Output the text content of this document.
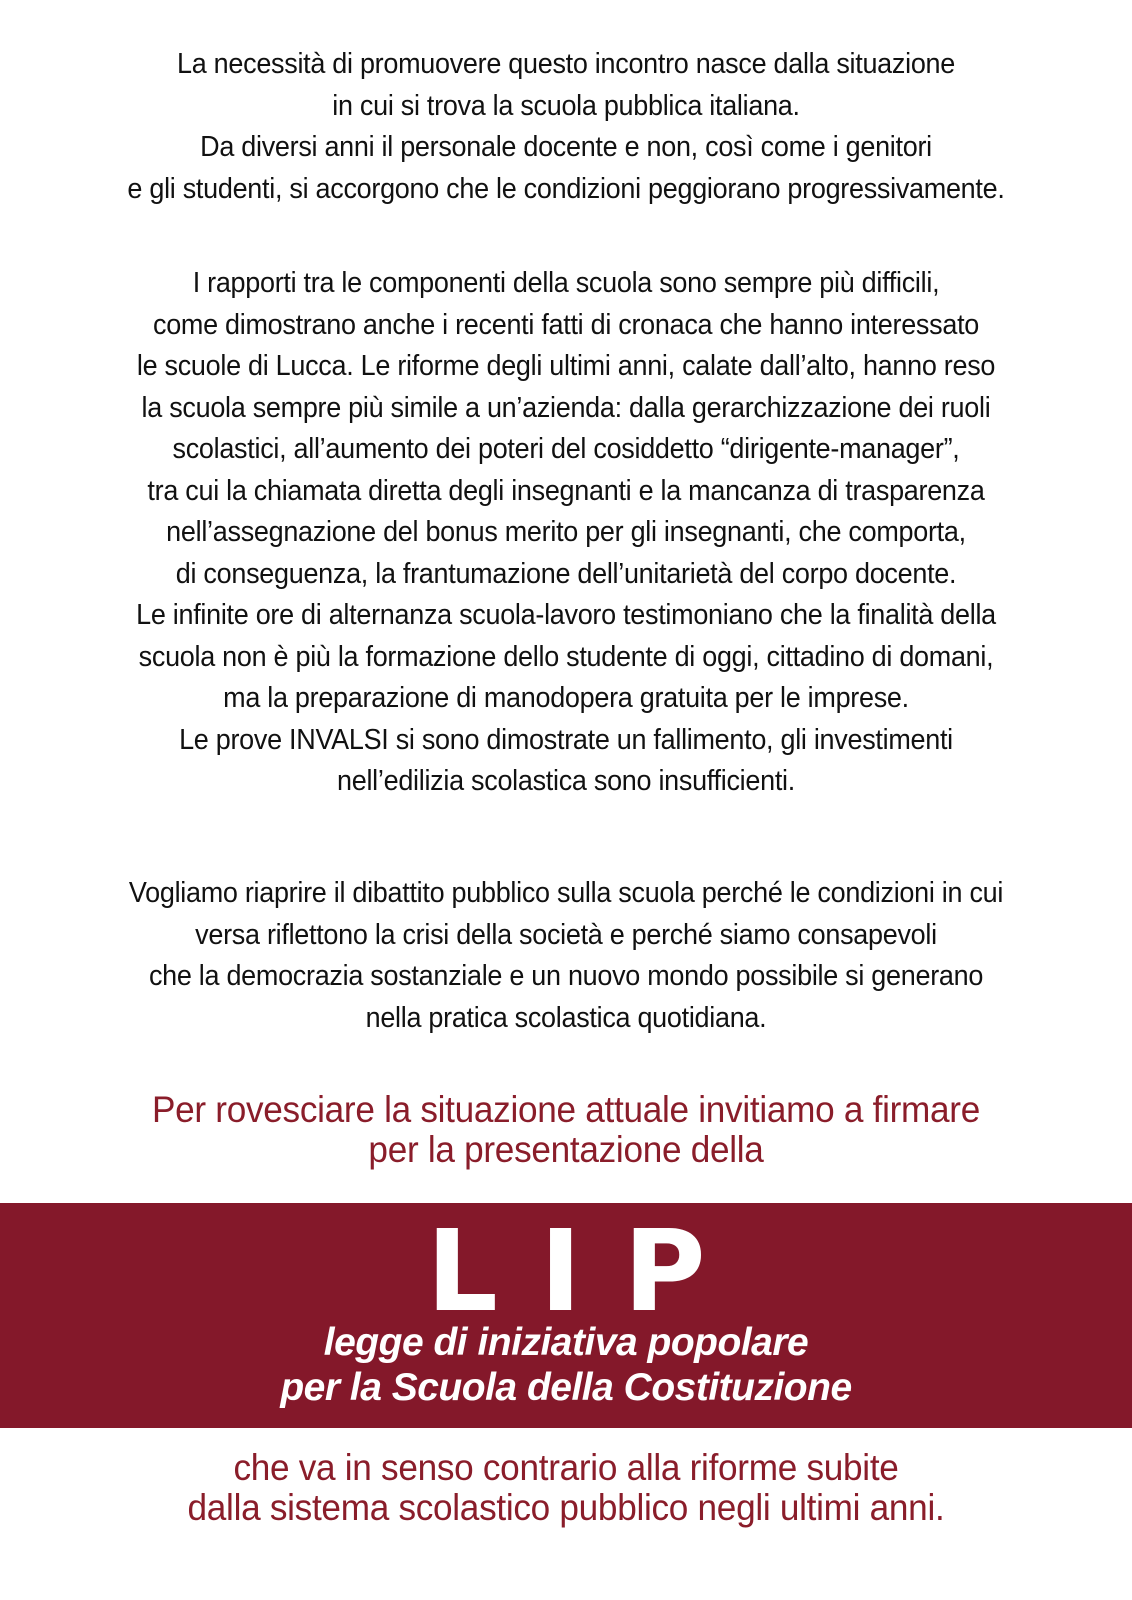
La necessità di promuovere questo incontro nasce dalla situazione
in cui si trova la scuola pubblica italiana.
Da diversi anni il personale docente e non, così come i genitori
e gli studenti, si accorgono che le condizioni peggiorano progressivamente.
I rapporti tra le componenti della scuola sono sempre più difficili,
come dimostrano anche i recenti fatti di cronaca che hanno interessato
le scuole di Lucca. Le riforme degli ultimi anni, calate dall’alto, hanno reso
la scuola sempre più simile a un’azienda: dalla gerarchizzazione dei ruoli
scolastici, all’aumento dei poteri del cosiddetto “dirigente-manager”,
tra cui la chiamata diretta degli insegnanti e la mancanza di trasparenza
nell’assegnazione del bonus merito per gli insegnanti, che comporta,
di conseguenza, la frantumazione dell’unitarietà del corpo docente.
Le infinite ore di alternanza scuola-lavoro testimoniano che la finalità della
scuola non è più la formazione dello studente di oggi, cittadino di domani,
ma la preparazione di manodopera gratuita per le imprese.
Le prove INVALSI si sono dimostrate un fallimento, gli investimenti
nell’edilizia scolastica sono insufficienti.
Vogliamo riaprire il dibattito pubblico sulla scuola perché le condizioni in cui
versa riflettono la crisi della società e perché siamo consapevoli
che la democrazia sostanziale e un nuovo mondo possibile si generano
nella pratica scolastica quotidiana.
Per rovesciare la situazione attuale invitiamo a firmare
per la presentazione della
LIP
legge di iniziativa popolare
per la Scuola della Costituzione
che va in senso contrario alla riforme subite
dalla sistema scolastico pubblico negli ultimi anni.
